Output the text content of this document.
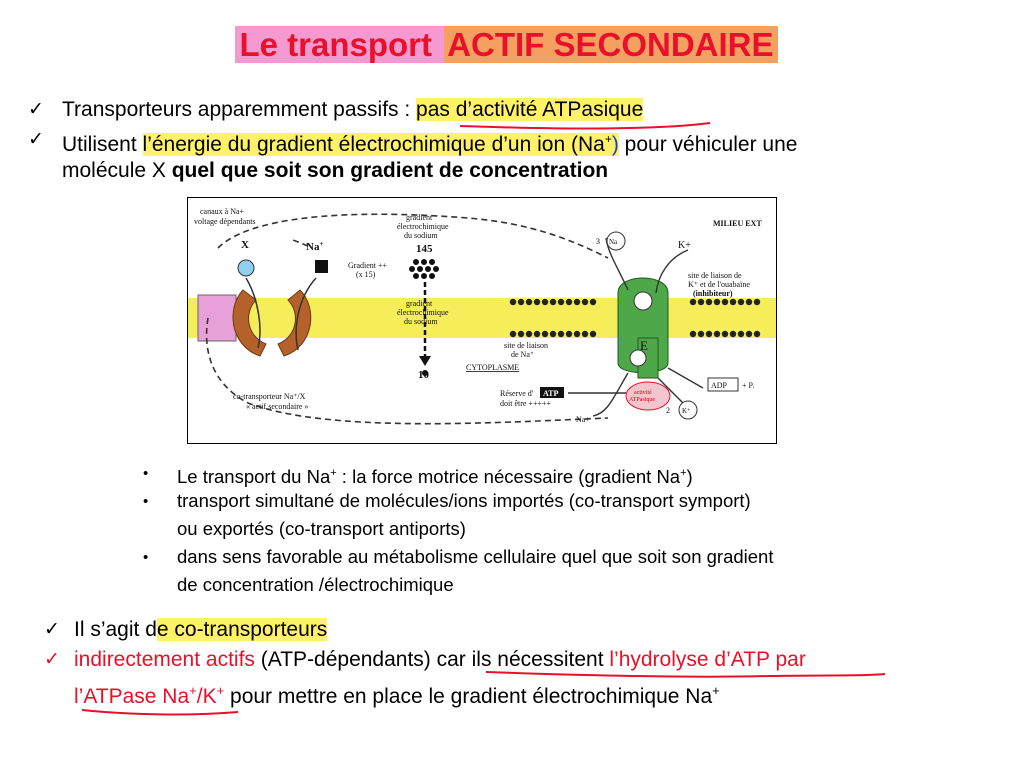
Le transport ACTIF SECONDAIRE
✓ Transporteurs apparemment passifs : pas d’activité ATPasique
✓ Utilisent l’énergie du gradient électrochimique d’un ion (Na+) pour véhiculer une
molécule X quel que soit son gradient de concentration
canaux à Na+
voltage dépendants
X	Na+
gradient
électrochimique
du sodium
145
Gradient ++
(x 15)
gradient
électrochimique
du sodium
10
co-transporteur Na⁺/X
« actif secondaire »
site de liaison
de Na⁺
CYTOPLASME
Réserve d' ATP
doit être +++++
Na+
MILIEU EXT
K+
3 Na
site de liaison de
K⁺ et de l'ouabaïne
(inhibiteur)
E
ADP + Pᵢ
2 K⁺
activité
ATPasique
• Le transport du Na+ : la force motrice nécessaire (gradient Na+)
• transport simultané de molécules/ions importés (co-transport symport)
ou exportés (co-transport antiports)
• dans sens favorable au métabolisme cellulaire quel que soit son gradient
de concentration /électrochimique
✓ Il s’agit de co-transporteurs
✓ indirectement actifs (ATP-dépendants) car ils nécessitent l’hydrolyse d’ATP par
l’ATPase Na+/K+ pour mettre en place le gradient électrochimique Na+
